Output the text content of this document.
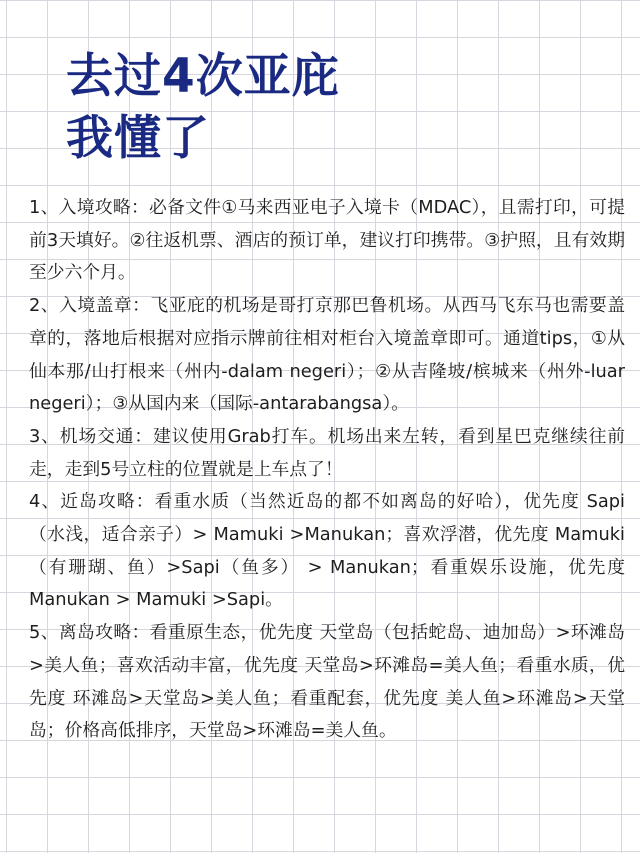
去过4次亚庇
我懂了

1、入境攻略：必备文件①马来西亚电子入境卡（MDAC），且需打印，可提前3天填好。②往返机票、酒店的预订单，建议打印携带。③护照，且有效期至少六个月。

2、入境盖章：飞亚庇的机场是哥打京那巴鲁机场。从西马飞东马也需要盖章的，落地后根据对应指示牌前往相对柜台入境盖章即可。通道tips，①从仙本那/山打根来（州内-dalam negeri）；②从吉隆坡/槟城来（州外-luar negeri）；③从国内来（国际-antarabangsa）。

3、机场交通：建议使用Grab打车。机场出来左转，看到星巴克继续往前走，走到5号立柱的位置就是上车点了！

4、近岛攻略：看重水质（当然近岛的都不如离岛的好哈），优先度 Sapi （水浅，适合亲子）> Mamuki >Manukan；喜欢浮潜，优先度 Mamuki （有珊瑚、鱼）>Sapi（鱼多） > Manukan；看重娱乐设施，优先度 Manukan > Mamuki >Sapi。

5、离岛攻略：看重原生态，优先度 天堂岛（包括蛇岛、迪加岛）>环滩岛>美人鱼；喜欢活动丰富，优先度 天堂岛>环滩岛=美人鱼；看重水质，优先度 环滩岛>天堂岛>美人鱼；看重配套，优先度 美人鱼>环滩岛>天堂岛；价格高低排序，天堂岛>环滩岛=美人鱼。
